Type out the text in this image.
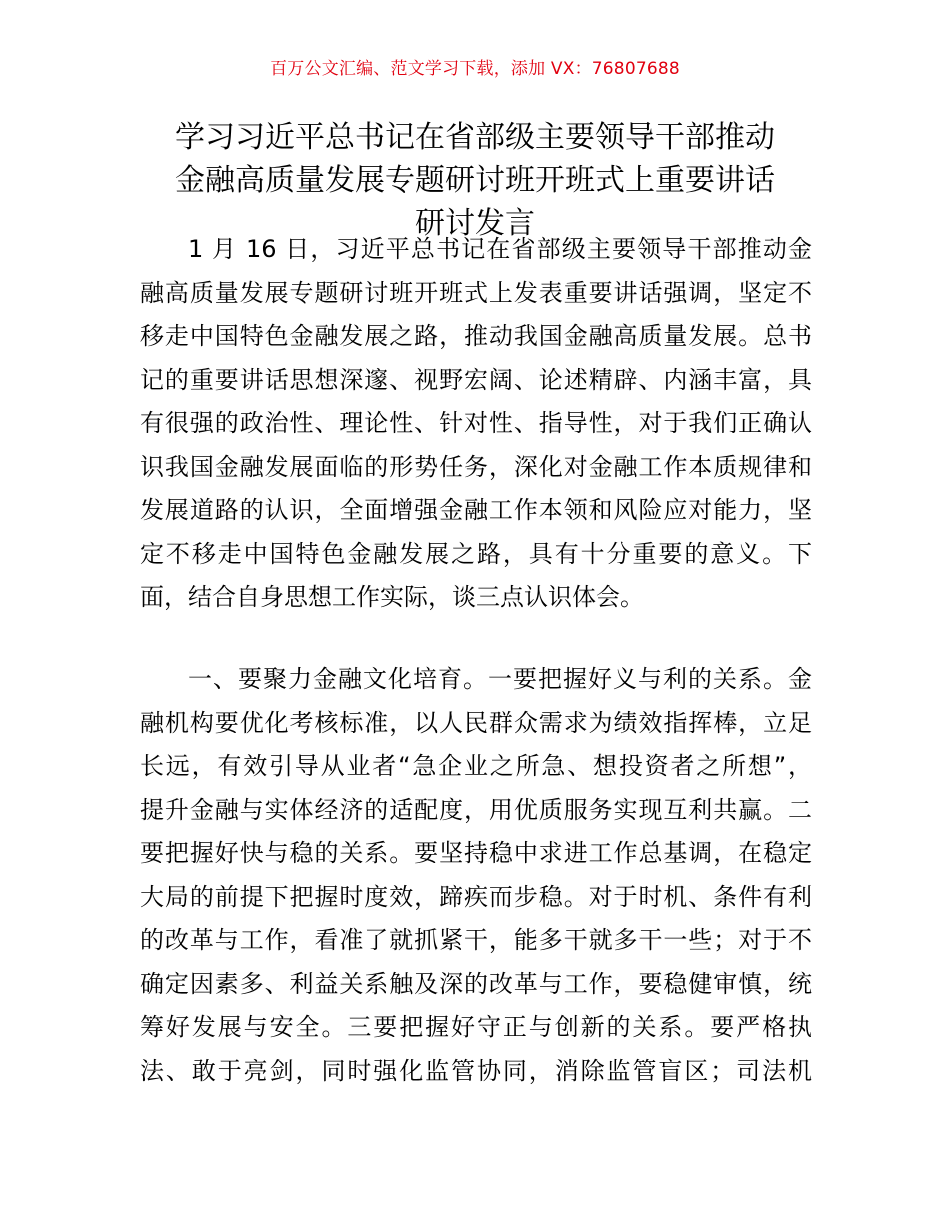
百万公文汇编、范文学习下载，添加 VX：76807688
学习习近平总书记在省部级主要领导干部推动
金融高质量发展专题研讨班开班式上重要讲话
研讨发言

1 月 16 日，习近平总书记在省部级主要领导干部推动金
融高质量发展专题研讨班开班式上发表重要讲话强调，坚定不
移走中国特色金融发展之路，推动我国金融高质量发展。总书
记的重要讲话思想深邃、视野宏阔、论述精辟、内涵丰富，具
有很强的政治性、理论性、针对性、指导性，对于我们正确认
识我国金融发展面临的形势任务，深化对金融工作本质规律和
发展道路的认识，全面增强金融工作本领和风险应对能力，坚
定不移走中国特色金融发展之路，具有十分重要的意义。下
面，结合自身思想工作实际，谈三点认识体会。

一、要聚力金融文化培育。一要把握好义与利的关系。金
融机构要优化考核标准，以人民群众需求为绩效指挥棒，立足
长远，有效引导从业者“急企业之所急、想投资者之所想”，
提升金融与实体经济的适配度，用优质服务实现互利共赢。二
要把握好快与稳的关系。要坚持稳中求进工作总基调，在稳定
大局的前提下把握时度效，蹄疾而步稳。对于时机、条件有利
的改革与工作，看准了就抓紧干，能多干就多干一些；对于不
确定因素多、利益关系触及深的改革与工作，要稳健审慎，统
筹好发展与安全。三要把握好守正与创新的关系。要严格执
法、敢于亮剑，同时强化监管协同，消除监管盲区；司法机
